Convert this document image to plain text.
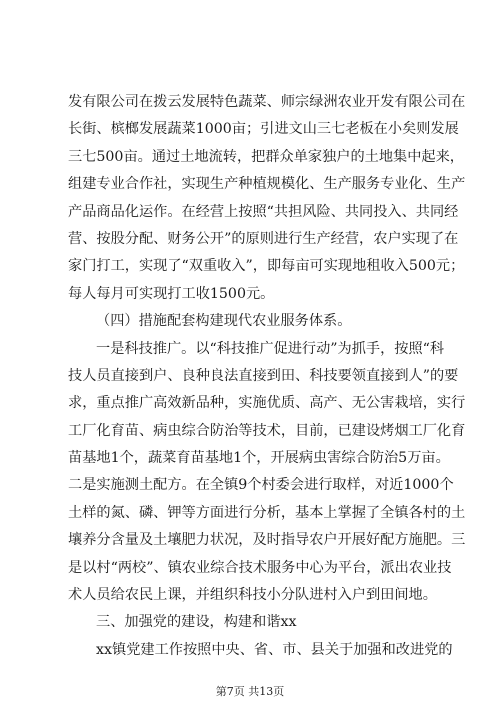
发有限公司在拨云发展特色蔬菜、师宗绿洲农业开发有限公司在
长街、槟榔发展蔬菜1000亩；引进文山三七老板在小矣则发展
三七500亩。通过土地流转，把群众单家独户的土地集中起来，
组建专业合作社，实现生产种植规模化、生产服务专业化、生产
产品商品化运作。在经营上按照“共担风险、共同投入、共同经
营、按股分配、财务公开”的原则进行生产经营，农户实现了在
家门打工，实现了“双重收入”，即每亩可实现地租收入500元；
每人每月可实现打工收1500元。
（四）措施配套构建现代农业服务体系。
一是科技推广。以“科技推广促进行动”为抓手，按照“科
技人员直接到户、良种良法直接到田、科技要领直接到人”的要
求，重点推广高效新品种，实施优质、高产、无公害栽培，实行
工厂化育苗、病虫综合防治等技术，目前，已建设烤烟工厂化育
苗基地1个，蔬菜育苗基地1个，开展病虫害综合防治5万亩。
二是实施测土配方。在全镇9个村委会进行取样，对近1000个
土样的氮、磷、钾等方面进行分析，基本上掌握了全镇各村的土
壤养分含量及土壤肥力状况，及时指导农户开展好配方施肥。三
是以村“两校”、镇农业综合技术服务中心为平台，派出农业技
术人员给农民上课，并组织科技小分队进村入户到田间地。
三、加强党的建设，构建和谐xx
xx镇党建工作按照中央、省、市、县关于加强和改进党的
第7页 共13页
